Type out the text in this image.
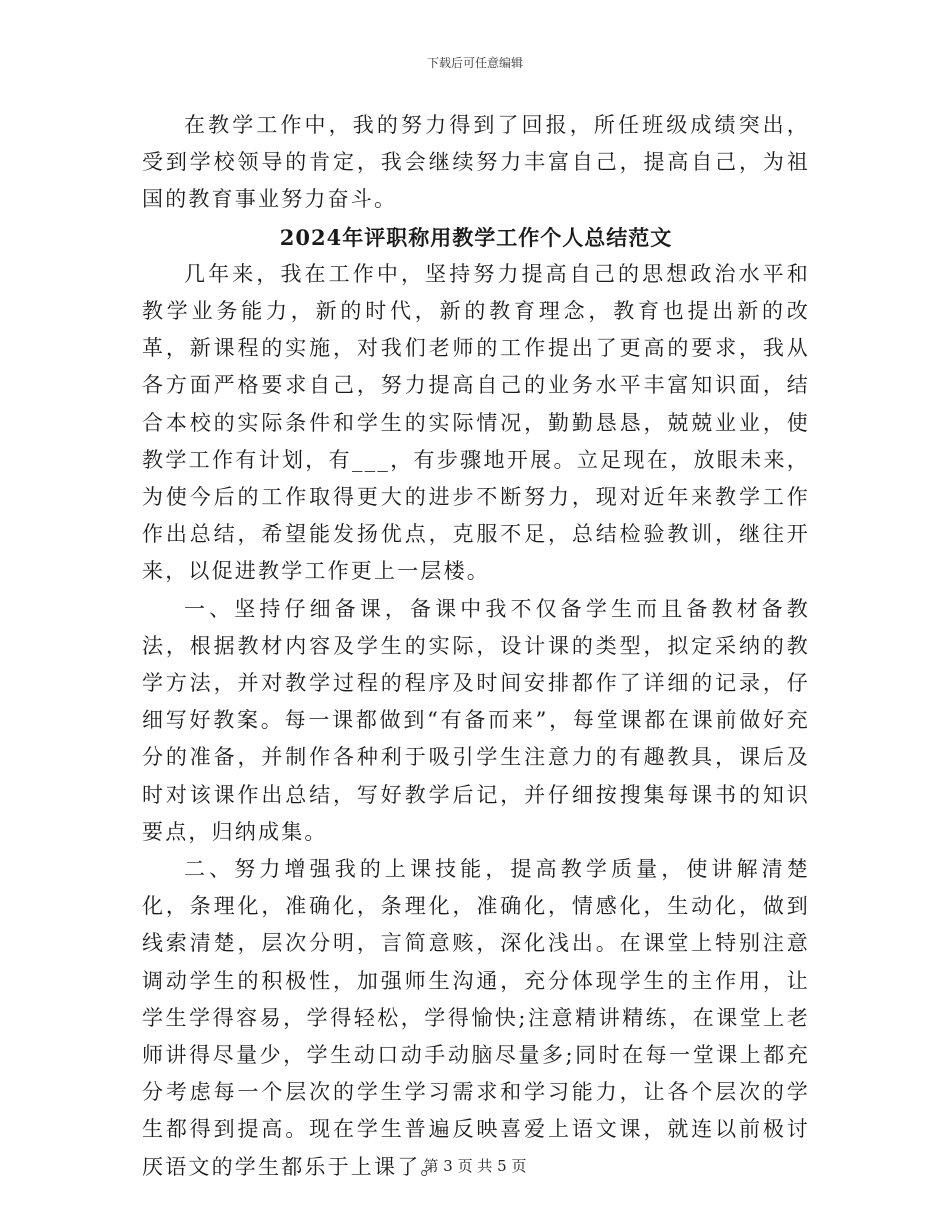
下载后可任意编辑

在教学工作中，我的努力得到了回报，所任班级成绩突出，受到学校领导的肯定，我会继续努力丰富自己，提高自己，为祖国的教育事业努力奋斗。

2024年评职称用教学工作个人总结范文

几年来，我在工作中，坚持努力提高自己的思想政治水平和教学业务能力，新的时代，新的教育理念，教育也提出新的改革，新课程的实施，对我们老师的工作提出了更高的要求，我从各方面严格要求自己，努力提高自己的业务水平丰富知识面，结合本校的实际条件和学生的实际情况，勤勤恳恳，兢兢业业，使教学工作有计划，有___，有步骤地开展。立足现在，放眼未来，为使今后的工作取得更大的进步不断努力，现对近年来教学工作作出总结，希望能发扬优点，克服不足，总结检验教训，继往开来，以促进教学工作更上一层楼。

一、坚持仔细备课，备课中我不仅备学生而且备教材备教法，根据教材内容及学生的实际，设计课的类型，拟定采纳的教学方法，并对教学过程的程序及时间安排都作了详细的记录，仔细写好教案。每一课都做到“有备而来”，每堂课都在课前做好充分的准备，并制作各种利于吸引学生注意力的有趣教具，课后及时对该课作出总结，写好教学后记，并仔细按搜集每课书的知识要点，归纳成集。

二、努力增强我的上课技能，提高教学质量，使讲解清楚化，条理化，准确化，条理化，准确化，情感化，生动化，做到线索清楚，层次分明，言简意赅，深化浅出。在课堂上特别注意调动学生的积极性，加强师生沟通，充分体现学生的主作用，让学生学得容易，学得轻松，学得愉快;注意精讲精练，在课堂上老师讲得尽量少，学生动口动手动脑尽量多;同时在每一堂课上都充分考虑每一个层次的学生学习需求和学习能力，让各个层次的学生都得到提高。现在学生普遍反映喜爱上语文课，就连以前极讨厌语文的学生都乐于上课了。

第 3 页 共 5 页
